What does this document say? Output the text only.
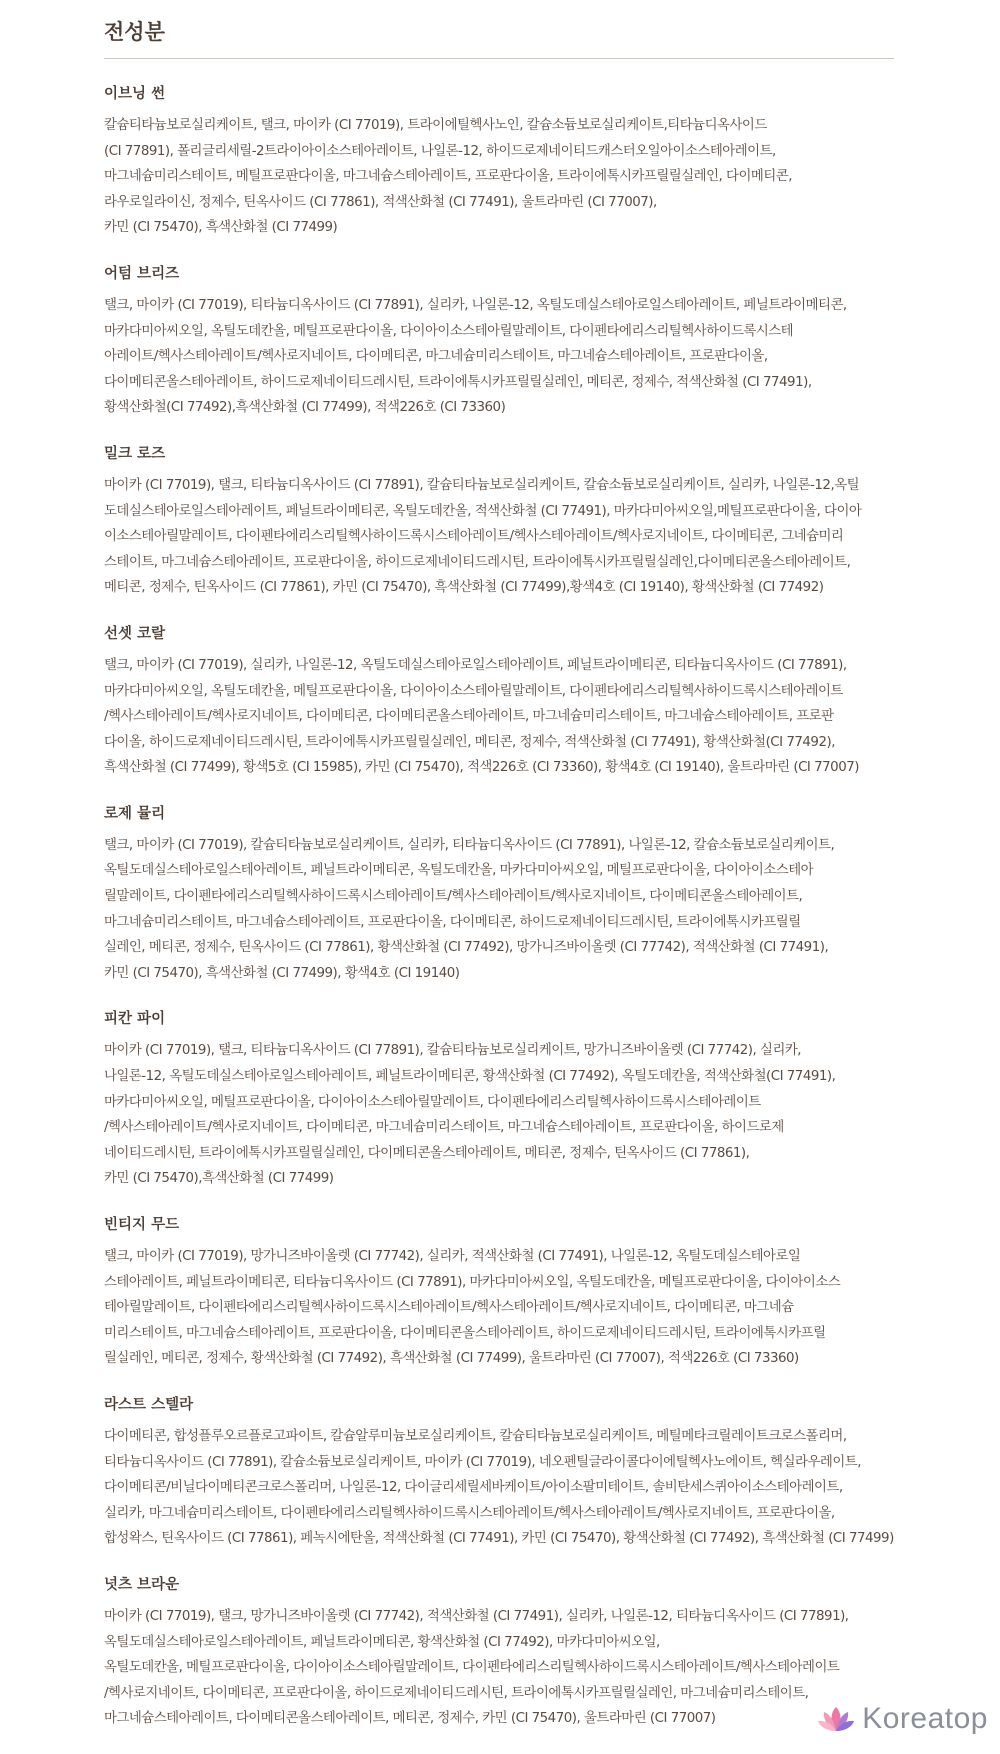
전성분
이브닝 썬
칼슘티타늄보로실리케이트, 탤크, 마이카 (CI 77019), 트라이에틸헥사노인, 칼슘소듐보로실리케이트,티타늄디옥사이드
(CI 77891), 폴리글리세릴-2트라이아이소스테아레이트, 나일론-12, 하이드로제네이티드캐스터오일아이소스테아레이트,
마그네슘미리스테이트, 메틸프로판다이올, 마그네슘스테아레이트, 프로판다이올, 트라이에톡시카프릴릴실레인, 다이메티콘,
라우로일라이신, 정제수, 틴옥사이드 (CI 77861), 적색산화철 (CI 77491), 울트라마린 (CI 77007),
카민 (CI 75470), 흑색산화철 (CI 77499)
어텀 브리즈
탤크, 마이카 (CI 77019), 티타늄디옥사이드 (CI 77891), 실리카, 나일론-12, 옥틸도데실스테아로일스테아레이트, 페닐트라이메티콘,
마카다미아씨오일, 옥틸도데칸올, 메틸프로판다이올, 다이아이소스테아릴말레이트, 다이펜타에리스리틸헥사하이드록시스테
아레이트/헥사스테아레이트/헥사로지네이트, 다이메티콘, 마그네슘미리스테이트, 마그네슘스테아레이트, 프로판다이올,
다이메티콘올스테아레이트, 하이드로제네이티드레시틴, 트라이에톡시카프릴릴실레인, 메티콘, 정제수, 적색산화철 (CI 77491),
황색산화철(CI 77492),흑색산화철 (CI 77499), 적색226호 (CI 73360)
밀크 로즈
마이카 (CI 77019), 탤크, 티타늄디옥사이드 (CI 77891), 칼슘티타늄보로실리케이트, 칼슘소듐보로실리케이트, 실리카, 나일론-12,옥틸
도데실스테아로일스테아레이트, 페닐트라이메티콘, 옥틸도데칸올, 적색산화철 (CI 77491), 마카다미아씨오일,메틸프로판다이올, 다이아
이소스테아릴말레이트, 다이펜타에리스리틸헥사하이드록시스테아레이트/헥사스테아레이트/헥사로지네이트, 다이메티콘, 그네슘미리
스테이트, 마그네슘스테아레이트, 프로판다이올, 하이드로제네이티드레시틴, 트라이에톡시카프릴릴실레인,다이메티콘올스테아레이트,
메티콘, 정제수, 틴옥사이드 (CI 77861), 카민 (CI 75470), 흑색산화철 (CI 77499),황색4호 (CI 19140), 황색산화철 (CI 77492)
선셋 코랄
탤크, 마이카 (CI 77019), 실리카, 나일론-12, 옥틸도데실스테아로일스테아레이트, 페닐트라이메티콘, 티타늄디옥사이드 (CI 77891),
마카다미아씨오일, 옥틸도데칸올, 메틸프로판다이올, 다이아이소스테아릴말레이트, 다이펜타에리스리틸헥사하이드록시스테아레이트
/헥사스테아레이트/헥사로지네이트, 다이메티콘, 다이메티콘올스테아레이트, 마그네슘미리스테이트, 마그네슘스테아레이트, 프로판
다이올, 하이드로제네이티드레시틴, 트라이에톡시카프릴릴실레인, 메티콘, 정제수, 적색산화철 (CI 77491), 황색산화철(CI 77492),
흑색산화철 (CI 77499), 황색5호 (CI 15985), 카민 (CI 75470), 적색226호 (CI 73360), 황색4호 (CI 19140), 울트라마린 (CI 77007)
로제 뮬리
탤크, 마이카 (CI 77019), 칼슘티타늄보로실리케이트, 실리카, 티타늄디옥사이드 (CI 77891), 나일론-12, 칼슘소듐보로실리케이트,
옥틸도데실스테아로일스테아레이트, 페닐트라이메티콘, 옥틸도데칸올, 마카다미아씨오일, 메틸프로판다이올, 다이아이소스테아
릴말레이트, 다이펜타에리스리틸헥사하이드록시스테아레이트/헥사스테아레이트/헥사로지네이트, 다이메티콘올스테아레이트,
마그네슘미리스테이트, 마그네슘스테아레이트, 프로판다이올, 다이메티콘, 하이드로제네이티드레시틴, 트라이에톡시카프릴릴
실레인, 메티콘, 정제수, 틴옥사이드 (CI 77861), 황색산화철 (CI 77492), 망가니즈바이올렛 (CI 77742), 적색산화철 (CI 77491),
카민 (CI 75470), 흑색산화철 (CI 77499), 황색4호 (CI 19140)
피칸 파이
마이카 (CI 77019), 탤크, 티타늄디옥사이드 (CI 77891), 칼슘티타늄보로실리케이트, 망가니즈바이올렛 (CI 77742), 실리카,
나일론-12, 옥틸도데실스테아로일스테아레이트, 페닐트라이메티콘, 황색산화철 (CI 77492), 옥틸도데칸올, 적색산화철(CI 77491),
마카다미아씨오일, 메틸프로판다이올, 다이아이소스테아릴말레이트, 다이펜타에리스리틸헥사하이드록시스테아레이트
/헥사스테아레이트/헥사로지네이트, 다이메티콘, 마그네슘미리스테이트, 마그네슘스테아레이트, 프로판다이올, 하이드로제
네이티드레시틴, 트라이에톡시카프릴릴실레인, 다이메티콘올스테아레이트, 메티콘, 정제수, 틴옥사이드 (CI 77861),
카민 (CI 75470),흑색산화철 (CI 77499)
빈티지 무드
탤크, 마이카 (CI 77019), 망가니즈바이올렛 (CI 77742), 실리카, 적색산화철 (CI 77491), 나일론-12, 옥틸도데실스테아로일
스테아레이트, 페닐트라이메티콘, 티타늄디옥사이드 (CI 77891), 마카다미아씨오일, 옥틸도데칸올, 메틸프로판다이올, 다이아이소스
테아릴말레이트, 다이펜타에리스리틸헥사하이드록시스테아레이트/헥사스테아레이트/헥사로지네이트, 다이메티콘, 마그네슘
미리스테이트, 마그네슘스테아레이트, 프로판다이올, 다이메티콘올스테아레이트, 하이드로제네이티드레시틴, 트라이에톡시카프릴
릴실레인, 메티콘, 정제수, 황색산화철 (CI 77492), 흑색산화철 (CI 77499), 울트라마린 (CI 77007), 적색226호 (CI 73360)
라스트 스텔라
다이메티콘, 합성플루오르플로고파이트, 칼슘알루미늄보로실리케이트, 칼슘티타늄보로실리케이트, 메틸메타크릴레이트크로스폴리머,
티타늄디옥사이드 (CI 77891), 칼슘소듐보로실리케이트, 마이카 (CI 77019), 네오펜틸글라이콜다이에틸헥사노에이트, 헥실라우레이트,
다이메티콘/비닐다이메티콘크로스폴리머, 나일론-12, 다이글리세릴세바케이트/아이소팔미테이트, 솔비탄세스퀴아이소스테아레이트,
실리카, 마그네슘미리스테이트, 다이펜타에리스리틸헥사하이드록시스테아레이트/헥사스테아레이트/헥사로지네이트, 프로판다이올,
합성왁스, 틴옥사이드 (CI 77861), 페녹시에탄올, 적색산화철 (CI 77491), 카민 (CI 75470), 황색산화철 (CI 77492), 흑색산화철 (CI 77499)
넛츠 브라운
마이카 (CI 77019), 탤크, 망가니즈바이올렛 (CI 77742), 적색산화철 (CI 77491), 실리카, 나일론-12, 티타늄디옥사이드 (CI 77891),
옥틸도데실스테아로일스테아레이트, 페닐트라이메티콘, 황색산화철 (CI 77492), 마카다미아씨오일,
옥틸도데칸올, 메틸프로판다이올, 다이아이소스테아릴말레이트, 다이펜타에리스리틸헥사하이드록시스테아레이트/헥사스테아레이트
/헥사로지네이트, 다이메티콘, 프로판다이올, 하이드로제네이티드레시틴, 트라이에톡시카프릴릴실레인, 마그네슘미리스테이트,
마그네슘스테아레이트, 다이메티콘올스테아레이트, 메티콘, 정제수, 카민 (CI 75470), 울트라마린 (CI 77007)	Koreatop
